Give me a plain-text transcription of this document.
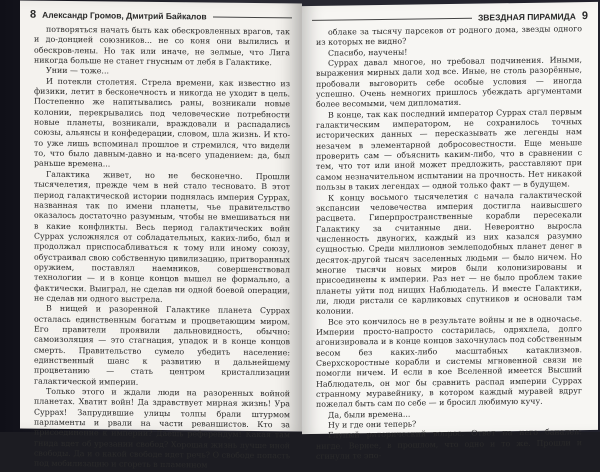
8 Александр Громов, Дмитрий Байкалов

потворяться начать быть как обескровленных врагов, так и до-донцией союзников... не со коня они вылились и обескров-лены. Но так или иначе, не зелмые, что Лига никогда больше не станет гнусным от лебя в Галактике.

Унии — тоже...

И потекли столетия. Стрела времени, как известно из физики, летит в бесконечность и никогда не уходит в цель. Постепенно же напитывались раны, возникали новые колонии, перекрывались под человеческие потребности новые планеты, возникали, враждовали и распадались союзы, альянсы и конфедерации, словом, шла жизнь. И кто-то уже лишь вспоминал прошлое и стремился, что видели то, что было давным-давно и на-всего упадением: да, был раньше времена...

Галактика живет, но не бесконечно. Прошли тысячелетия, прежде чем в ней стало тесновато. В этот период галактической истории поднялась империя Суррах, названная так по имени планеты, чье правительство оказалось достаточно разумным, чтобы не вмешиваться ни в какие конфликты. Весь период галактических войн Суррах усложнялся от собладательных, каких-либо, был и продолжал приспосабливаться к тому или иному союзу, обустраивал свою собственную цивилизацию, притворанных оружием, поставлял наемников, совершенствовал технологии — и в конце концов вышел не формально, а фактически. Выиграл, не сделав ни одной боевой операции, не сделав ни одного выстрела.

В нищей и разоренной Галактике планета Суррах осталась единственным богатым и процветающим миром. Его правители проявили дальновидность, обычно: самоизоляция — это стагнация, упадок и в конце концов смерть. Правительство сумело убедить население: единственный шанс к развитию и дальнейшему процветанию — стать центром кристаллизации галактической империи.

Только этого и ждали люди на разоренных войной планетах. Хватит войн! Да здравствует мирная жизнь! Ура Суррах! Запрудившие улицы толпы брали штурмом парламенты и рвали на части реваншистов. Кто за присоединение к империи? Даешь референдум! Какая там гнида вдет об урезании свобод? Хорошая жизнь лучше иной свободы. Да и о какой свободе идет речь? О свободе попасть под мобилизацию и сгореть в пламенном

ЗВЕЗДНАЯ ПИРАМИДА 9

облаке за тысячу парсеков от родного дома, звезды одного из которых не видно?

Спасибо, научены!

Суррах давал многое, но требовал подчинения. Иными, выражения мирных дали ход все. Иные, не столь разорённые, пробовали выговорить себе особые условия — иногда успешно. Очень немногих пришлось убеждать аргументами более весомыми, чем дипломатия.

В конце, так как последний император Суррах стал первым галактическим императором, не сохранилось точных исторических данных — пересказывать же легенды нам незачем в элементарной добросовестности. Еще меньше проверить сам — объяснить каким-либо, что в сравнении с тем, что тот или иной может предложить, расставляют при самом незначительном испытании на прочность. Нет никакой пользы в таких легендах — одной только факт — в будущем.

К концу восьмого тысячелетия с начала галактической экспансии человечества империя достигла наивысшего расцвета. Гиперпространственные корабли пересекали Галактику за считанные дни. Невероятно выросла численность двуногих, каждый из них казался разумно сущностью. Среди миллионов землеподобных планет денег в десяток-другой тысяч заселенных людьми — было ничем. Но многие тысячи новых миров были колонизированы и присоединены к империи. Раз нет — не было проблем такие планеты уйти под нищих Наблюдатель. И вместе Галактики, ли, люди ристали се карликовых спутников и основали там колонии.

Все это кончилось не в результате войны и не в одночасье. Империи просто-напросто состарилась, одряхлела, долго агонизировала и в конце концов захочнулась под собственным весом без каких-либо масштабных катаклизмов. Сверхскоростные корабли и системы мгновенной связи не помогли ничем. И если в кое Вселенной имеется Высший Наблюдатель, он мог бы сравнить распад империи Суррах странному муравейнику, в котором каждый муравей вдруг пожелал быть сам по себе — и бросил любимую кучу.

Да, были времена...

Ну и где они теперь?

Глупый риторический вопрос. Ответ на него банален: нигде. Вернее, в прошлом, что одно и то же. Прошли и сгинули те эпо-
